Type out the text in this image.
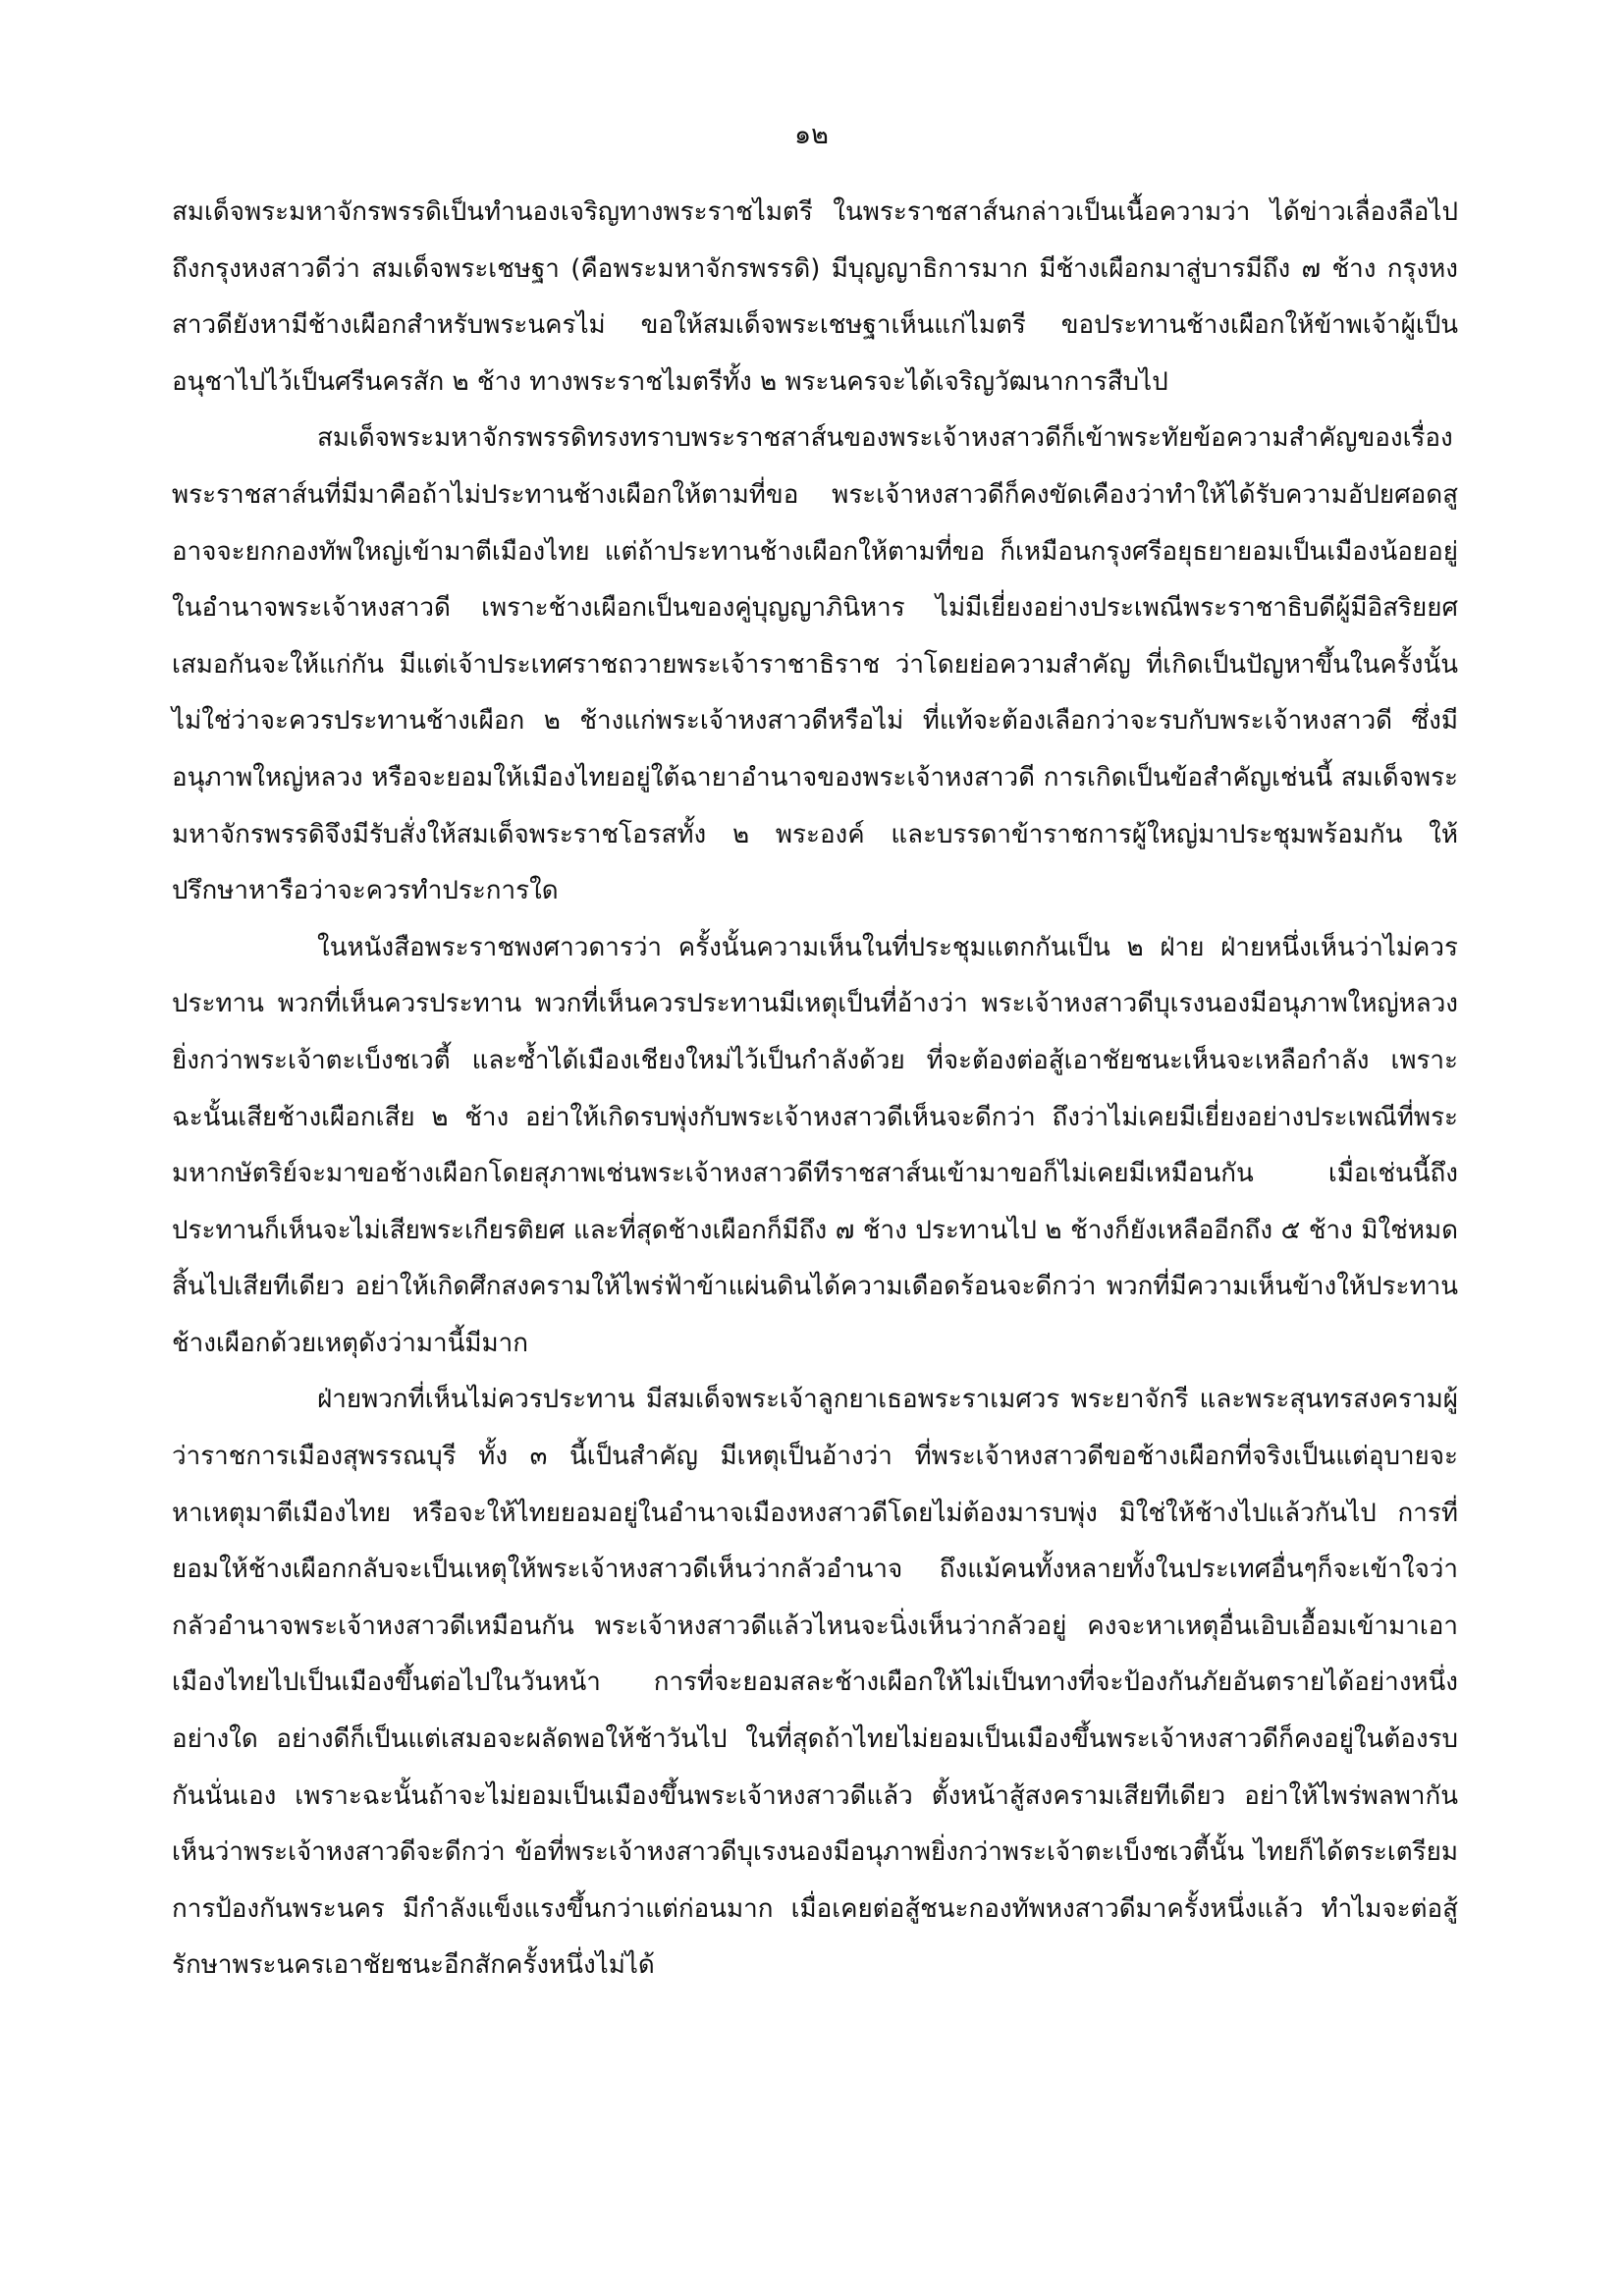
๑๒

สมเด็จพระมหาจักรพรรดิเป็นทำนองเจริญทางพระราชไมตรี ในพระราชสาส์นกล่าวเป็นเนื้อความว่า ได้ข่าวเลื่องลือไปถึงกรุงหงสาวดีว่า สมเด็จพระเชษฐา (คือพระมหาจักรพรรดิ) มีบุญญาธิการมาก มีช้างเผือกมาสู่บารมีถึง ๗ ช้าง กรุงหงสาวดียังหามีช้างเผือกสำหรับพระนครไม่ ขอให้สมเด็จพระเชษฐาเห็นแก่ไมตรี ขอประทานช้างเผือกให้ข้าพเจ้าผู้เป็นอนุชาไปไว้เป็นศรีนครสัก ๒ ช้าง ทางพระราชไมตรีทั้ง ๒ พระนครจะได้เจริญวัฒนาการสืบไป

สมเด็จพระมหาจักรพรรดิทรงทราบพระราชสาส์นของพระเจ้าหงสาวดีก็เข้าพระทัยข้อความสำคัญของเรื่องพระราชสาส์นที่มีมาคือถ้าไม่ประทานช้างเผือกให้ตามที่ขอ พระเจ้าหงสาวดีก็คงขัดเคืองว่าทำให้ได้รับความอัปยศอดสู อาจจะยกกองทัพใหญ่เข้ามาตีเมืองไทย แต่ถ้าประทานช้างเผือกให้ตามที่ขอ ก็เหมือนกรุงศรีอยุธยายอมเป็นเมืองน้อยอยู่ในอำนาจพระเจ้าหงสาวดี เพราะช้างเผือกเป็นของคู่บุญญาภินิหาร ไม่มีเยี่ยงอย่างประเพณีพระราชาธิบดีผู้มีอิสริยยศเสมอกันจะให้แก่กัน มีแต่เจ้าประเทศราชถวายพระเจ้าราชาธิราช ว่าโดยย่อความสำคัญ ที่เกิดเป็นปัญหาขึ้นในครั้งนั้น ไม่ใช่ว่าจะควรประทานช้างเผือก ๒ ช้างแก่พระเจ้าหงสาวดีหรือไม่ ที่แท้จะต้องเลือกว่าจะรบกับพระเจ้าหงสาวดี ซึ่งมีอนุภาพใหญ่หลวง หรือจะยอมให้เมืองไทยอยู่ใต้ฉายาอำนาจของพระเจ้าหงสาวดี การเกิดเป็นข้อสำคัญเช่นนี้ สมเด็จพระมหาจักรพรรดิจึงมีรับสั่งให้สมเด็จพระราชโอรสทั้ง ๒ พระองค์ และบรรดาข้าราชการผู้ใหญ่มาประชุมพร้อมกัน ให้ปรึกษาหารือว่าจะควรทำประการใด

ในหนังสือพระราชพงศาวดารว่า ครั้งนั้นความเห็นในที่ประชุมแตกกันเป็น ๒ ฝ่าย ฝ่ายหนึ่งเห็นว่าไม่ควรประทาน พวกที่เห็นควรประทาน พวกที่เห็นควรประทานมีเหตุเป็นที่อ้างว่า พระเจ้าหงสาวดีบุเรงนองมีอนุภาพใหญ่หลวงยิ่งกว่าพระเจ้าตะเบ็งชเวตี้ และซ้ำได้เมืองเชียงใหม่ไว้เป็นกำลังด้วย ที่จะต้องต่อสู้เอาชัยชนะเห็นจะเหลือกำลัง เพราะฉะนั้นเสียช้างเผือกเสีย ๒ ช้าง อย่าให้เกิดรบพุ่งกับพระเจ้าหงสาวดีเห็นจะดีกว่า ถึงว่าไม่เคยมีเยี่ยงอย่างประเพณีที่พระมหากษัตริย์จะมาขอช้างเผือกโดยสุภาพเช่นพระเจ้าหงสาวดีทีราชสาส์นเข้ามาขอก็ไม่เคยมีเหมือนกัน เมื่อเช่นนี้ถึงประทานก็เห็นจะไม่เสียพระเกียรติยศ และที่สุดช้างเผือกก็มีถึง ๗ ช้าง ประทานไป ๒ ช้างก็ยังเหลืออีกถึง ๕ ช้าง มิใช่หมดสิ้นไปเสียทีเดียว อย่าให้เกิดศึกสงครามให้ไพร่ฟ้าข้าแผ่นดินได้ความเดือดร้อนจะดีกว่า พวกที่มีความเห็นข้างให้ประทานช้างเผือกด้วยเหตุดังว่ามานี้มีมาก

ฝ่ายพวกที่เห็นไม่ควรประทาน มีสมเด็จพระเจ้าลูกยาเธอพระราเมศวร พระยาจักรี และพระสุนทรสงครามผู้ว่าราชการเมืองสุพรรณบุรี ทั้ง ๓ นี้เป็นสำคัญ มีเหตุเป็นอ้างว่า ที่พระเจ้าหงสาวดีขอช้างเผือกที่จริงเป็นแต่อุบายจะหาเหตุมาตีเมืองไทย หรือจะให้ไทยยอมอยู่ในอำนาจเมืองหงสาวดีโดยไม่ต้องมารบพุ่ง มิใช่ให้ช้างไปแล้วกันไป การที่ยอมให้ช้างเผือกกลับจะเป็นเหตุให้พระเจ้าหงสาวดีเห็นว่ากลัวอำนาจ ถึงแม้คนทั้งหลายทั้งในประเทศอื่นๆก็จะเข้าใจว่ากลัวอำนาจพระเจ้าหงสาวดีเหมือนกัน พระเจ้าหงสาวดีแล้วไหนจะนิ่งเห็นว่ากลัวอยู่ คงจะหาเหตุอื่นเอิบเอื้อมเข้ามาเอาเมืองไทยไปเป็นเมืองขึ้นต่อไปในวันหน้า การที่จะยอมสละช้างเผือกให้ไม่เป็นทางที่จะป้องกันภัยอันตรายได้อย่างหนึ่งอย่างใด อย่างดีก็เป็นแต่เสมอจะผลัดพอให้ช้าวันไป ในที่สุดถ้าไทยไม่ยอมเป็นเมืองขึ้นพระเจ้าหงสาวดีก็คงอยู่ในต้องรบกันนั่นเอง เพราะฉะนั้นถ้าจะไม่ยอมเป็นเมืองขึ้นพระเจ้าหงสาวดีแล้ว ตั้งหน้าสู้สงครามเสียทีเดียว อย่าให้ไพร่พลพากันเห็นว่าพระเจ้าหงสาวดีจะดีกว่า ข้อที่พระเจ้าหงสาวดีบุเรงนองมีอนุภาพยิ่งกว่าพระเจ้าตะเบ็งชเวตี้นั้น ไทยก็ได้ตระเตรียมการป้องกันพระนคร มีกำลังแข็งแรงขึ้นกว่าแต่ก่อนมาก เมื่อเคยต่อสู้ชนะกองทัพหงสาวดีมาครั้งหนึ่งแล้ว ทำไมจะต่อสู้รักษาพระนครเอาชัยชนะอีกสักครั้งหนึ่งไม่ได้
